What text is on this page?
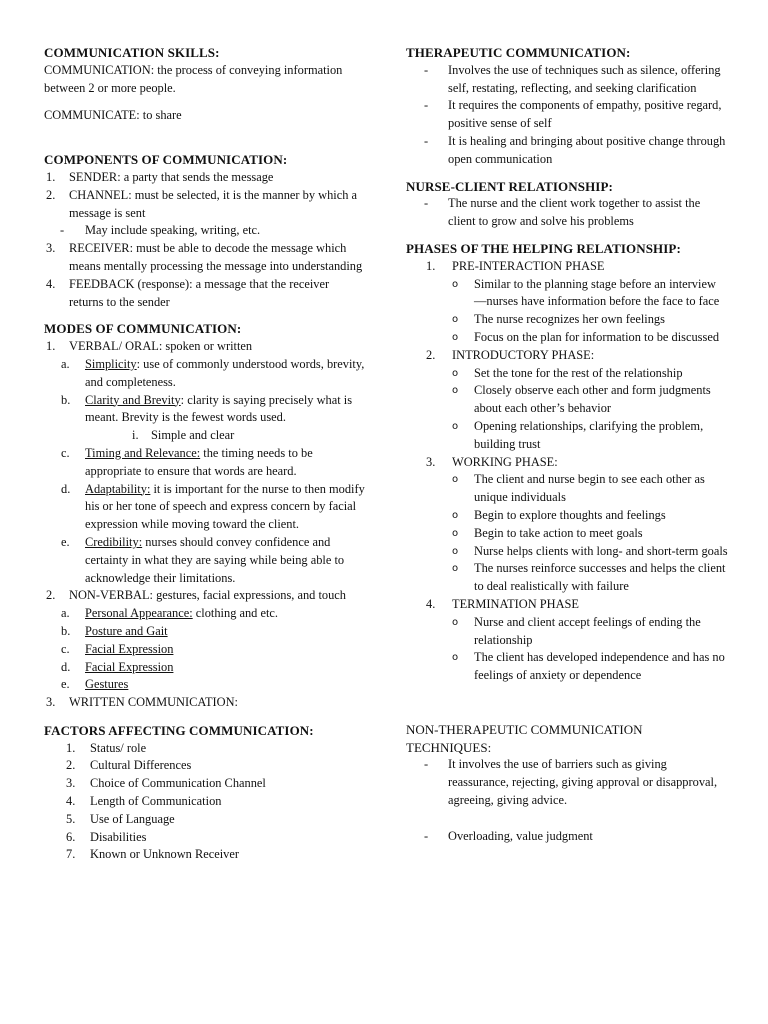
COMMUNICATION SKILLS:
COMMUNICATION: the process of conveying information between 2 or more people.
COMMUNICATE: to share
COMPONENTS OF COMMUNICATION:
1.	SENDER: a party that sends the message
2.	CHANNEL: must be selected, it is the manner by which a message is sent
-	May include speaking, writing, etc.
3.	RECEIVER: must be able to decode the message which means mentally processing the message into understanding
4.	FEEDBACK (response): a message that the receiver returns to the sender
MODES OF COMMUNICATION:
1.	VERBAL/ ORAL: spoken or written
a.	Simplicity: use of commonly understood words, brevity, and completeness.
b.	Clarity and Brevity: clarity is saying precisely what is meant. Brevity is the fewest words used.
i.	Simple and clear
c.	Timing and Relevance: the timing needs to be appropriate to ensure that words are heard.
d.	Adaptability: it is important for the nurse to then modify his or her tone of speech and express concern by facial expression while moving toward the client.
e.	Credibility: nurses should convey confidence and certainty in what they are saying while being able to acknowledge their limitations.
2.	NON-VERBAL: gestures, facial expressions, and touch
a.	Personal Appearance: clothing and etc.
b.	Posture and Gait
c.	Facial Expression
d.	Facial Expression
e.	Gestures
3.	WRITTEN COMMUNICATION:
FACTORS AFFECTING COMMUNICATION:
1.	Status/ role
2.	Cultural Differences
3.	Choice of Communication Channel
4.	Length of Communication
5.	Use of Language
6.	Disabilities
7.	Known or Unknown Receiver
THERAPEUTIC COMMUNICATION:
-	Involves the use of techniques such as silence, offering self, restating, reflecting, and seeking clarification
-	It requires the components of empathy, positive regard, positive sense of self
-	It is healing and bringing about positive change through open communication
NURSE-CLIENT RELATIONSHIP:
-	The nurse and the client work together to assist the client to grow and solve his problems
PHASES OF THE HELPING RELATIONSHIP:
1.	PRE-INTERACTION PHASE
o	Similar to the planning stage before an interview—nurses have information before the face to face
o	The nurse recognizes her own feelings
o	Focus on the plan for information to be discussed
2.	INTRODUCTORY PHASE:
o	Set the tone for the rest of the relationship
o	Closely observe each other and form judgments about each other’s behavior
o	Opening relationships, clarifying the problem, building trust
3.	WORKING PHASE:
o	The client and nurse begin to see each other as unique individuals
o	Begin to explore thoughts and feelings
o	Begin to take action to meet goals
o	Nurse helps clients with long- and short-term goals
o	The nurses reinforce successes and helps the client to deal realistically with failure
4.	TERMINATION PHASE
o	Nurse and client accept feelings of ending the relationship
o	The client has developed independence and has no feelings of anxiety or dependence
NON-THERAPEUTIC COMMUNICATION TECHNIQUES:
-	It involves the use of barriers such as giving reassurance, rejecting, giving approval or disapproval, agreeing, giving advice.
-	Overloading, value judgment
